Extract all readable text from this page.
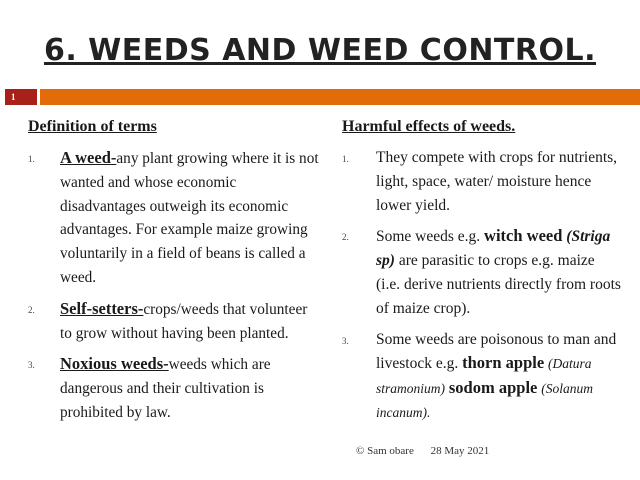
6. WEEDS AND WEED CONTROL.
1
Definition of terms
1. A weed-any plant growing where it is not wanted and whose economic disadvantages outweigh its economic advantages. For example maize growing voluntarily in a field of beans is called a weed.
2. Self-setters-crops/weeds that volunteer to grow without having been planted.
3. Noxious weeds-weeds which are dangerous and their cultivation is prohibited by law.
Harmful effects of weeds.
1. They compete with crops for nutrients, light, space, water/ moisture hence lower yield.
2. Some weeds e.g. witch weed (Striga sp) are parasitic to crops e.g. maize (i.e. derive nutrients directly from roots of maize crop).
3. Some weeds are poisonous to man and livestock e.g. thorn apple (Datura stramonium) sodom apple (Solanum incanum).
© Sam obare 28 May 2021
